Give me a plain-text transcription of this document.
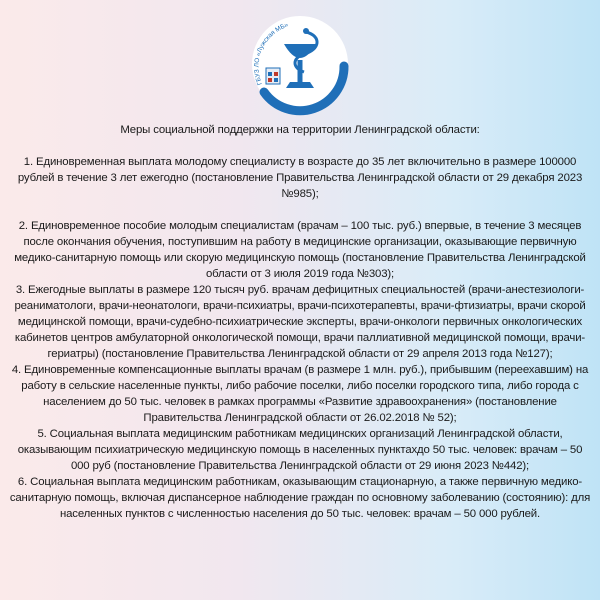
ГБУЗ ЛО «Лужская МБ»

Меры социальной поддержки на территории Ленинградской области:

1. Единовременная выплата молодому специалисту в возрасте до 35 лет включительно в размере 100000 рублей в течение 3 лет ежегодно (постановление Правительства Ленинградской области от 29 декабря 2023 №985);

2. Единовременное пособие молодым специалистам (врачам – 100 тыс. руб.) впервые, в течение 3 месяцев после окончания обучения, поступившим на работу в медицинские организации, оказывающие первичную медико-санитарную помощь или скорую медицинскую помощь (постановление Правительства Ленинградской области от 3 июля 2019 года №303);

3. Ежегодные выплаты в размере 120 тысяч руб. врачам дефицитных специальностей (врачи-анестезиологи-реаниматологи, врачи-неонатологи, врачи-психиатры, врачи-психотерапевты, врачи-фтизиатры, врачи скорой медицинской помощи, врачи-судебно-психиатрические эксперты, врачи-онкологи первичных онкологических кабинетов центров амбулаторной онкологической помощи, врачи паллиативной медицинской помощи, врачи-гериатры) (постановление Правительства Ленинградской области от 29 апреля 2013 года №127);

4. Единовременные компенсационные выплаты врачам (в размере 1 млн. руб.), прибывшим (переехавшим) на работу в сельские населенные пункты, либо рабочие поселки, либо поселки городского типа, либо города с населением до 50 тыс. человек в рамках программы «Развитие здравоохранения» (постановление Правительства Ленинградской области от 26.02.2018 № 52);

5. Социальная выплата медицинским работникам медицинских организаций Ленинградской области, оказывающим психиатрическую медицинскую помощь в населенных пунктахдо 50 тыс. человек: врачам – 50 000 руб (постановление Правительства Ленинградской области от 29 июня 2023 №442);

6. Социальная выплата медицинским работникам, оказывающим стационарную, а также первичную медико-санитарную помощь, включая диспансерное наблюдение граждан по основному заболеванию (состоянию): для населенных пунктов с численностью населения до 50 тыс. человек: врачам – 50 000 рублей.
